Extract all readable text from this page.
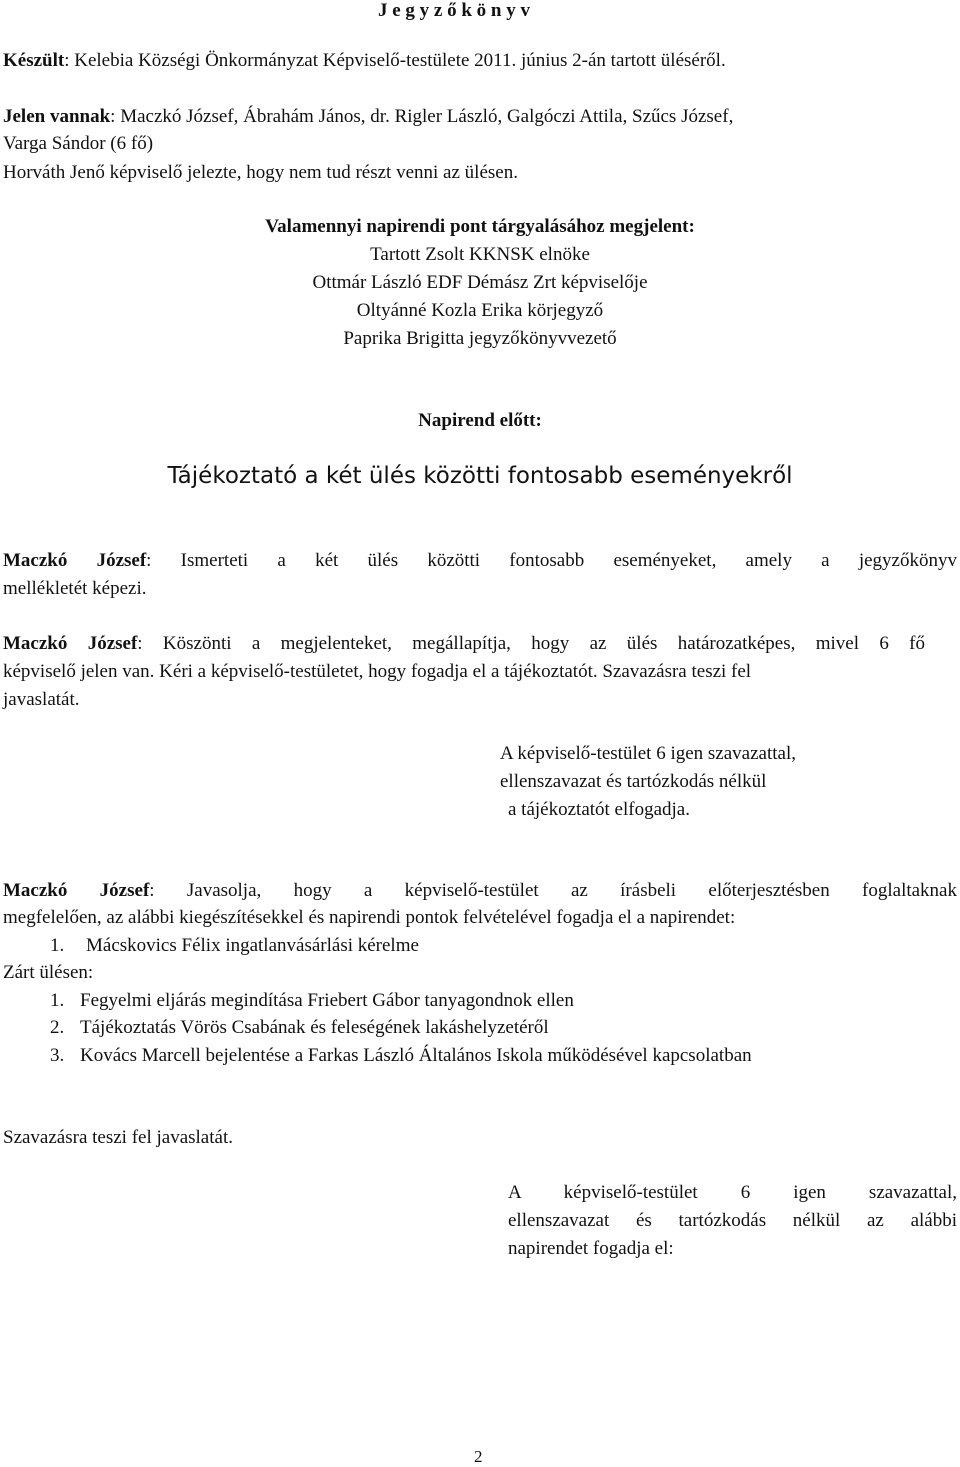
J e g y z ő k ö n y v
Készült: Kelebia Községi Önkormányzat Képviselő-testülete 2011. június 2-án tartott üléséről.
Jelen vannak: Maczkó József, Ábrahám János, dr. Rigler László, Galgóczi Attila, Szűcs József,
Varga Sándor (6 fő)
Horváth Jenő képviselő jelezte, hogy nem tud részt venni az ülésen.
Valamennyi napirendi pont tárgyalásához megjelent:
Tartott Zsolt KKNSK elnöke
Ottmár László EDF Démász Zrt képviselője
Oltyánné Kozla Erika körjegyző
Paprika Brigitta jegyzőkönyvvezető
Napirend előtt:
Tájékoztató a két ülés közötti fontosabb eseményekről
Maczkó József: Ismerteti a két ülés közötti fontosabb eseményeket, amely a jegyzőkönyv
mellékletét képezi.
Maczkó József: Köszönti a megjelenteket, megállapítja, hogy az ülés határozatképes, mivel 6 fő
képviselő jelen van. Kéri a képviselő-testületet, hogy fogadja el a tájékoztatót. Szavazásra teszi fel
javaslatát.
A képviselő-testület 6 igen szavazattal,
ellenszavazat és tartózkodás nélkül
a tájékoztatót elfogadja.
Maczkó József: Javasolja, hogy a képviselő-testület az írásbeli előterjesztésben foglaltaknak
megfelelően, az alábbi kiegészítésekkel és napirendi pontok felvételével fogadja el a napirendet:
1. Mácskovics Félix ingatlanvásárlási kérelme
Zárt ülésen:
1. Fegyelmi eljárás megindítása Friebert Gábor tanyagondnok ellen
2. Tájékoztatás Vörös Csabának és feleségének lakáshelyzetéről
3. Kovács Marcell bejelentése a Farkas László Általános Iskola működésével kapcsolatban
Szavazásra teszi fel javaslatát.
A képviselő-testület 6 igen szavazattal,
ellenszavazat és tartózkodás nélkül az alábbi
napirendet fogadja el:
2
